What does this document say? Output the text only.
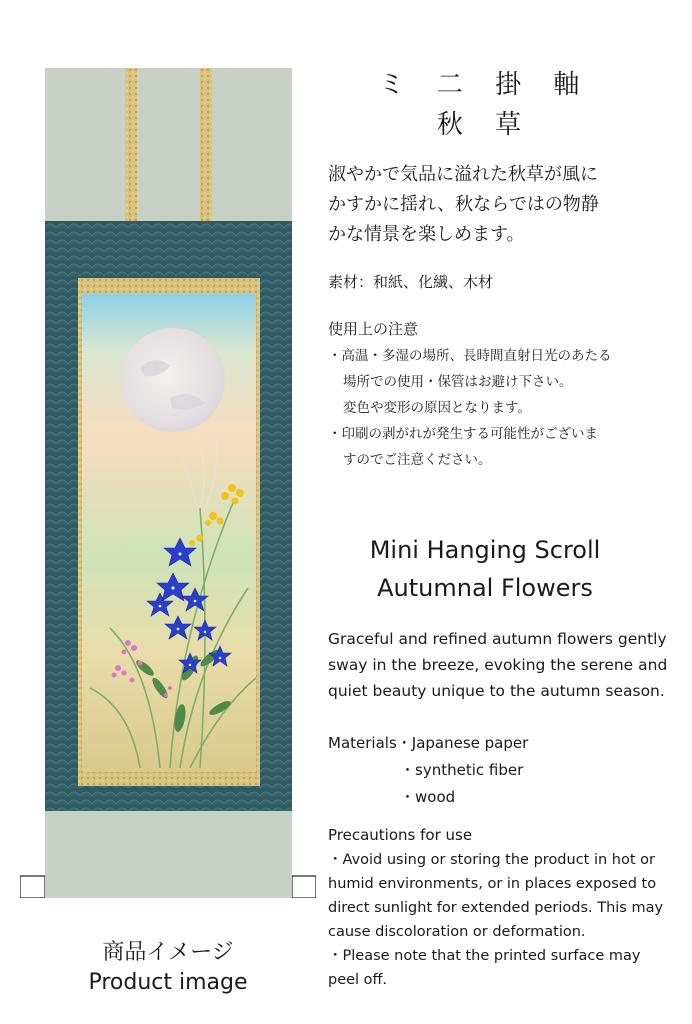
商品イメージ
Product image
ミ 二 掛 軸
秋 草
淑やかで気品に溢れた秋草が風に
かすかに揺れ、秋ならではの物静
かな情景を楽しめます。
素材：和紙、化繊、木材
使用上の注意
・高温・多湿の場所、長時間直射日光のあたる
場所での使用・保管はお避け下さい。
変色や変形の原因となります。
・印刷の剥がれが発生する可能性がございま
すのでご注意ください。
Mini Hanging Scroll
Autumnal Flowers
Graceful and refined autumn flowers gently
sway in the breeze, evoking the serene and
quiet beauty unique to the autumn season.
Materials・Japanese paper
・synthetic fiber
・wood
Precautions for use
・Avoid using or storing the product in hot or
humid environments, or in places exposed to
direct sunlight for extended periods. This may
cause discoloration or deformation.
・Please note that the printed surface may
peel off.
